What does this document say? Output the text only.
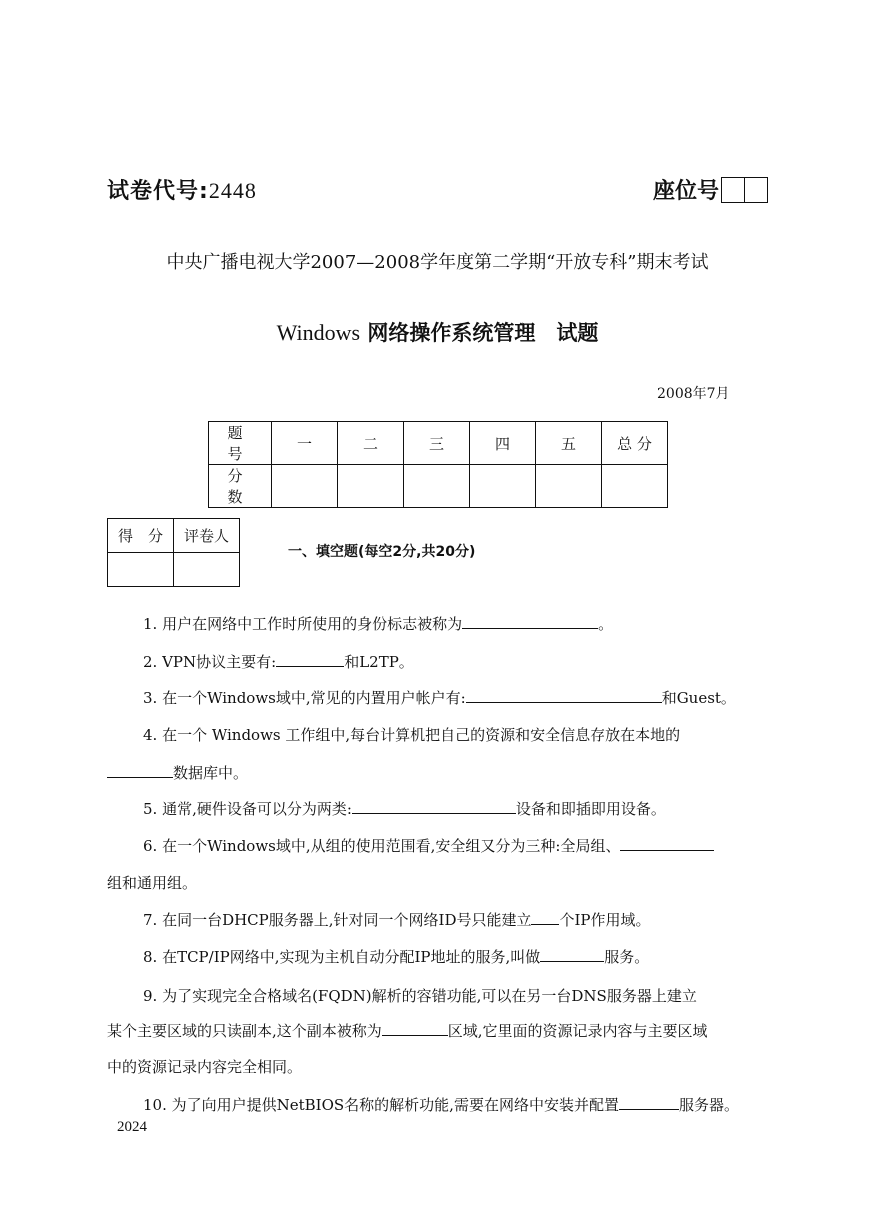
试卷代号:2448	座位号
中央广播电视大学2007—2008学年度第二学期“开放专科”期末考试
Windows 网络操作系统管理　试题
2008年7月
题 号	一	二	三	四	五	总 分
分 数						
得　分	评卷人

一、填空题(每空2分,共20分)
1. 用户在网络中工作时所使用的身份标志被称为	。
2. VPN协议主要有:	和L2TP。
3. 在一个Windows域中,常见的内置用户帐户有:	和Guest。
4. 在一个 Windows 工作组中,每台计算机把自己的资源和安全信息存放在本地的
数据库中。
5. 通常,硬件设备可以分为两类:	设备和即插即用设备。
6. 在一个Windows域中,从组的使用范围看,安全组又分为三种:全局组、
组和通用组。
7. 在同一台DHCP服务器上,针对同一个网络ID号只能建立 个IP作用域。
8. 在TCP/IP网络中,实现为主机自动分配IP地址的服务,叫做	服务。
9. 为了实现完全合格域名(FQDN)解析的容错功能,可以在另一台DNS服务器上建立
某个主要区域的只读副本,这个副本被称为	区域,它里面的资源记录内容与主要区域
中的资源记录内容完全相同。
10. 为了向用户提供NetBIOS名称的解析功能,需要在网络中安装并配置	服务器。
2024
